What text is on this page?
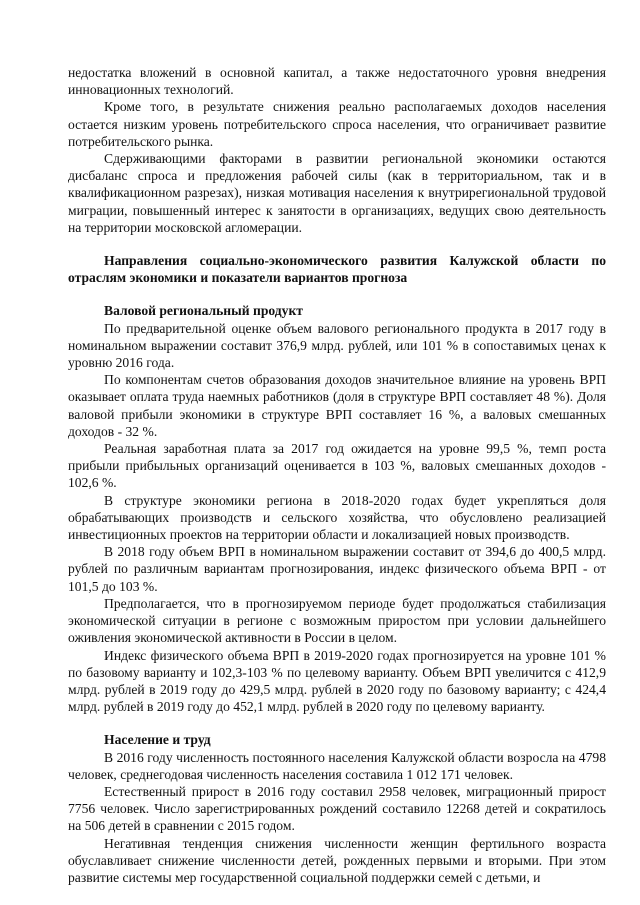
недостатка вложений в основной капитал, а также недостаточного уровня внедрения инновационных технологий.

Кроме того, в результате снижения реально располагаемых доходов населения остается низким уровень потребительского спроса населения, что ограничивает развитие потребительского рынка.

Сдерживающими факторами в развитии региональной экономики остаются дисбаланс спроса и предложения рабочей силы (как в территориальном, так и в квалификационном разрезах), низкая мотивация населения к внутрирегиональной трудовой миграции, повышенный интерес к занятости в организациях, ведущих свою деятельность на территории московской агломерации.

Направления социально-экономического развития Калужской области по отраслям экономики и показатели вариантов прогноза

Валовой региональный продукт

По предварительной оценке объем валового регионального продукта в 2017 году в номинальном выражении составит 376,9 млрд. рублей, или 101 % в сопоставимых ценах к уровню 2016 года.

По компонентам счетов образования доходов значительное влияние на уровень ВРП оказывает оплата труда наемных работников (доля в структуре ВРП составляет 48 %). Доля валовой прибыли экономики в структуре ВРП составляет 16 %, а валовых смешанных доходов - 32 %.

Реальная заработная плата за 2017 год ожидается на уровне 99,5 %, темп роста прибыли прибыльных организаций оценивается в 103 %, валовых смешанных доходов - 102,6 %.

В структуре экономики региона в 2018-2020 годах будет укрепляться доля обрабатывающих производств и сельского хозяйства, что обусловлено реализацией инвестиционных проектов на территории области и локализацией новых производств.

В 2018 году объем ВРП в номинальном выражении составит от 394,6 до 400,5 млрд. рублей по различным вариантам прогнозирования, индекс физического объема ВРП - от 101,5 до 103 %.

Предполагается, что в прогнозируемом периоде будет продолжаться стабилизация экономической ситуации в регионе с возможным приростом при условии дальнейшего оживления экономической активности в России в целом.

Индекс физического объема ВРП в 2019-2020 годах прогнозируется на уровне 101 % по базовому варианту и 102,3-103 % по целевому варианту. Объем ВРП увеличится с 412,9 млрд. рублей в 2019 году до 429,5 млрд. рублей в 2020 году по базовому варианту; с 424,4 млрд. рублей в 2019 году до 452,1 млрд. рублей в 2020 году по целевому варианту.

Население и труд

В 2016 году численность постоянного населения Калужской области возросла на 4798 человек, среднегодовая численность населения составила 1 012 171 человек.

Естественный прирост в 2016 году составил 2958 человек, миграционный прирост 7756 человек. Число зарегистрированных рождений составило 12268 детей и сократилось на 506 детей в сравнении с 2015 годом.

Негативная тенденция снижения численности женщин фертильного возраста обуславливает снижение численности детей, рожденных первыми и вторыми. При этом развитие системы мер государственной социальной поддержки семей с детьми, и
